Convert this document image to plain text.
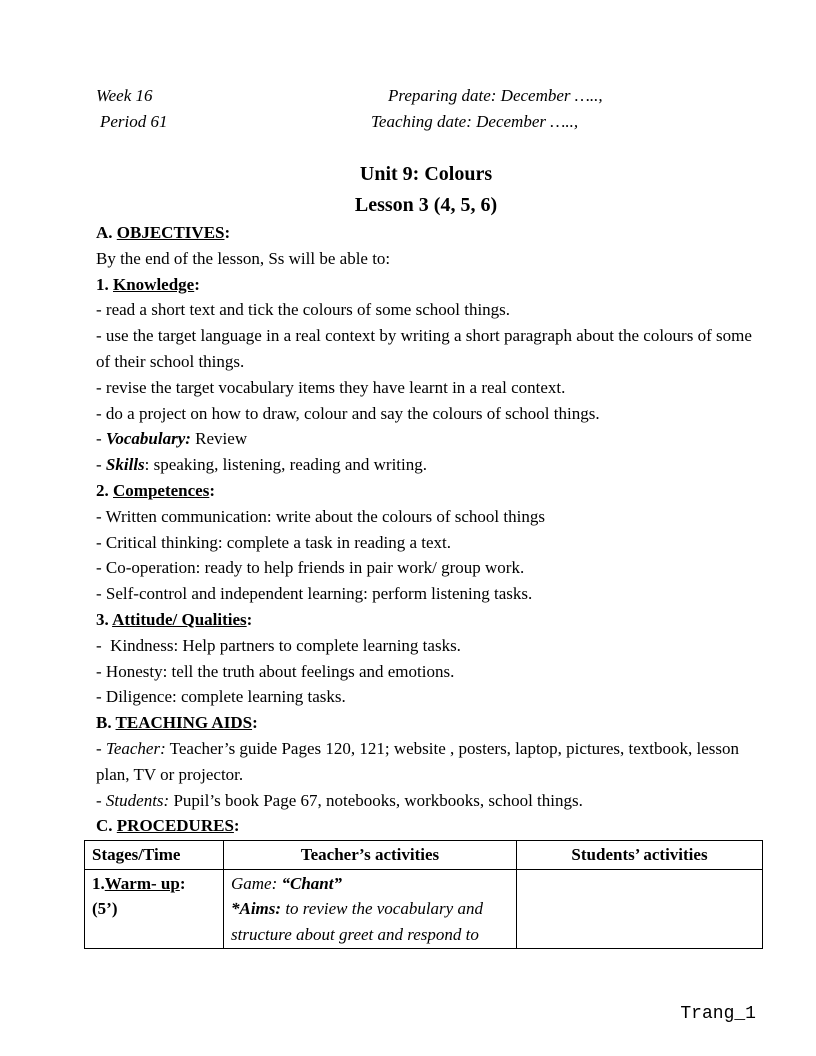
Week 16
Period 61
Preparing date: December …..,
Teaching date: December …..,
Unit 9: Colours
Lesson 3 (4, 5, 6)

A. OBJECTIVES:

By the end of the lesson, Ss will be able to:

1. Knowledge:

- read a short text and tick the colours of some school things.

- use the target language in a real context by writing a short paragraph about the colours of some of their school things.

- revise the target vocabulary items they have learnt in a real context.

- do a project on how to draw, colour and say the colours of school things.

- Vocabulary: Review

- Skills: speaking, listening, reading and writing.

2. Competences:

- Written communication: write about the colours of school things

- Critical thinking: complete a task in reading a text.

- Co-operation: ready to help friends in pair work/ group work.

- Self-control and independent learning: perform listening tasks.

3. Attitude/ Qualities:

-  Kindness: Help partners to complete learning tasks.

- Honesty: tell the truth about feelings and emotions.

- Diligence: complete learning tasks.

B. TEACHING AIDS:

- Teacher: Teacher’s guide Pages 120, 121; website , posters, laptop, pictures, textbook, lesson plan, TV or projector.

- Students: Pupil’s book Page 67, notebooks, workbooks, school things.

C. PROCEDURES:

Stages/Time	Teacher’s activities	Students’ activities
1.Warm- up:
(5’)	Game: “Chant”
*Aims: to review the vocabulary and structure about greet and respond to	
Trang_1
